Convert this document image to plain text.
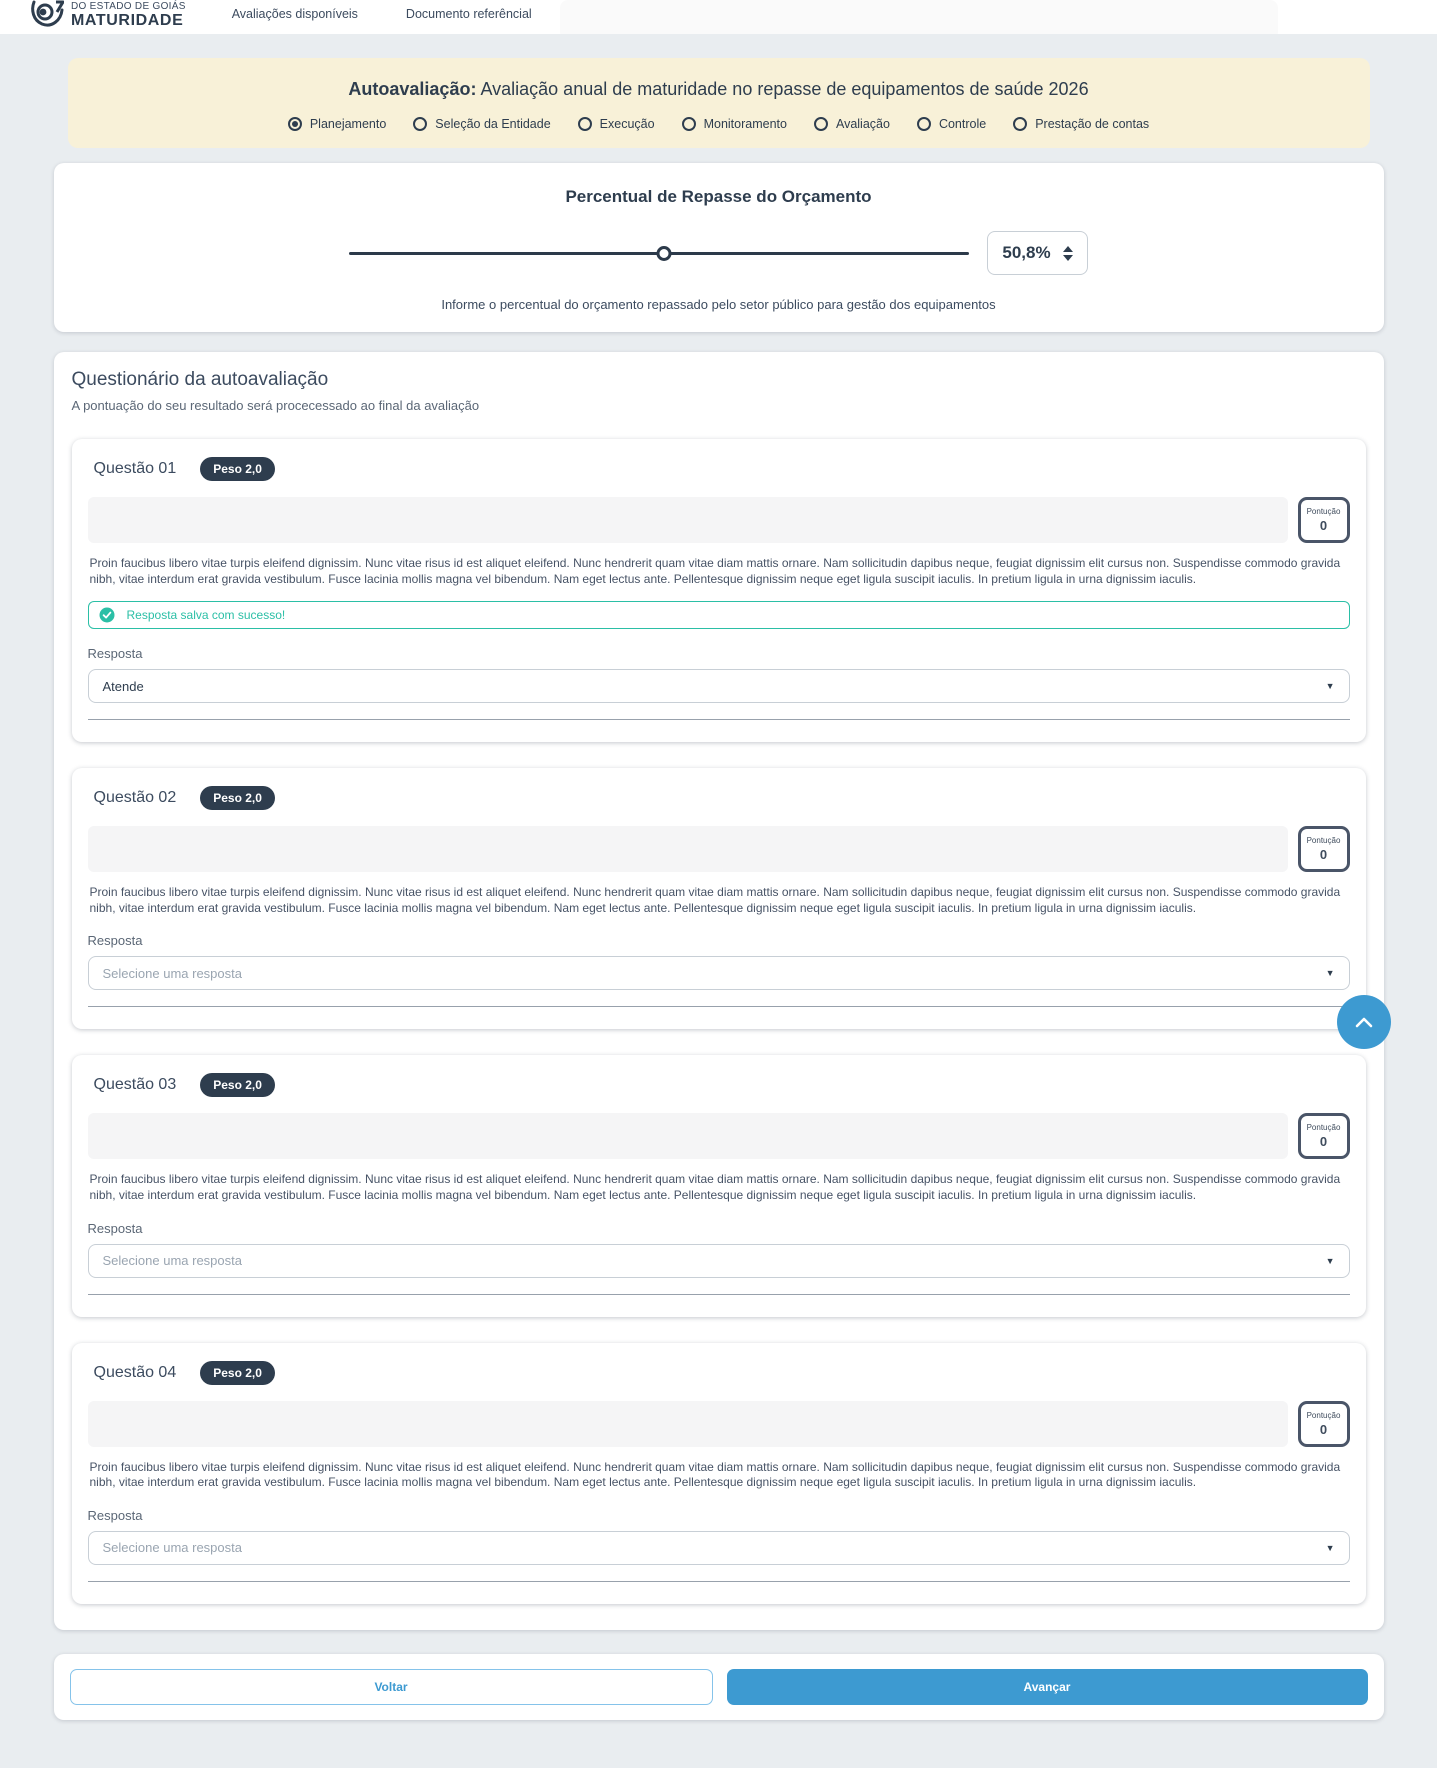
DO ESTADO DE GOIÁS
MATURIDADE	Avaliações disponíveis	Documento referêncial
Autoavaliação: Avaliação anual de maturidade no repasse de equipamentos de saúde 2026
Planejamento	Seleção da Entidade	Execução	Monitoramento	Avaliação	Controle	Prestação de contas
Percentual de Repasse do Orçamento
50,8%

Informe o percentual do orçamento repassado pelo setor público para gestão dos equipamentos

Questionário da autoavaliação

A pontuação do seu resultado será procecessado ao final da avaliação

Questão 01	Peso 2,0
Pontução
0

Proin faucibus libero vitae turpis eleifend dignissim. Nunc vitae risus id est aliquet eleifend. Nunc hendrerit quam vitae diam mattis ornare. Nam sollicitudin dapibus neque, feugiat dignissim elit cursus non. Suspendisse commodo gravida nibh, vitae interdum erat gravida vestibulum. Fusce lacinia mollis magna vel bibendum. Nam eget lectus ante. Pellentesque dignissim neque eget ligula suscipit iaculis. In pretium ligula in urna dignissim iaculis.

Resposta salva com sucesso!
Resposta
Atende	▼
Questão 02	Peso 2,0
Pontução
0

Proin faucibus libero vitae turpis eleifend dignissim. Nunc vitae risus id est aliquet eleifend. Nunc hendrerit quam vitae diam mattis ornare. Nam sollicitudin dapibus neque, feugiat dignissim elit cursus non. Suspendisse commodo gravida nibh, vitae interdum erat gravida vestibulum. Fusce lacinia mollis magna vel bibendum. Nam eget lectus ante. Pellentesque dignissim neque eget ligula suscipit iaculis. In pretium ligula in urna dignissim iaculis.

Resposta
Selecione uma resposta	▼
Questão 03	Peso 2,0
Pontução
0

Proin faucibus libero vitae turpis eleifend dignissim. Nunc vitae risus id est aliquet eleifend. Nunc hendrerit quam vitae diam mattis ornare. Nam sollicitudin dapibus neque, feugiat dignissim elit cursus non. Suspendisse commodo gravida nibh, vitae interdum erat gravida vestibulum. Fusce lacinia mollis magna vel bibendum. Nam eget lectus ante. Pellentesque dignissim neque eget ligula suscipit iaculis. In pretium ligula in urna dignissim iaculis.

Resposta
Selecione uma resposta	▼
Questão 04	Peso 2,0
Pontução
0

Proin faucibus libero vitae turpis eleifend dignissim. Nunc vitae risus id est aliquet eleifend. Nunc hendrerit quam vitae diam mattis ornare. Nam sollicitudin dapibus neque, feugiat dignissim elit cursus non. Suspendisse commodo gravida nibh, vitae interdum erat gravida vestibulum. Fusce lacinia mollis magna vel bibendum. Nam eget lectus ante. Pellentesque dignissim neque eget ligula suscipit iaculis. In pretium ligula in urna dignissim iaculis.

Resposta
Selecione uma resposta	▼
Voltar	Avançar
